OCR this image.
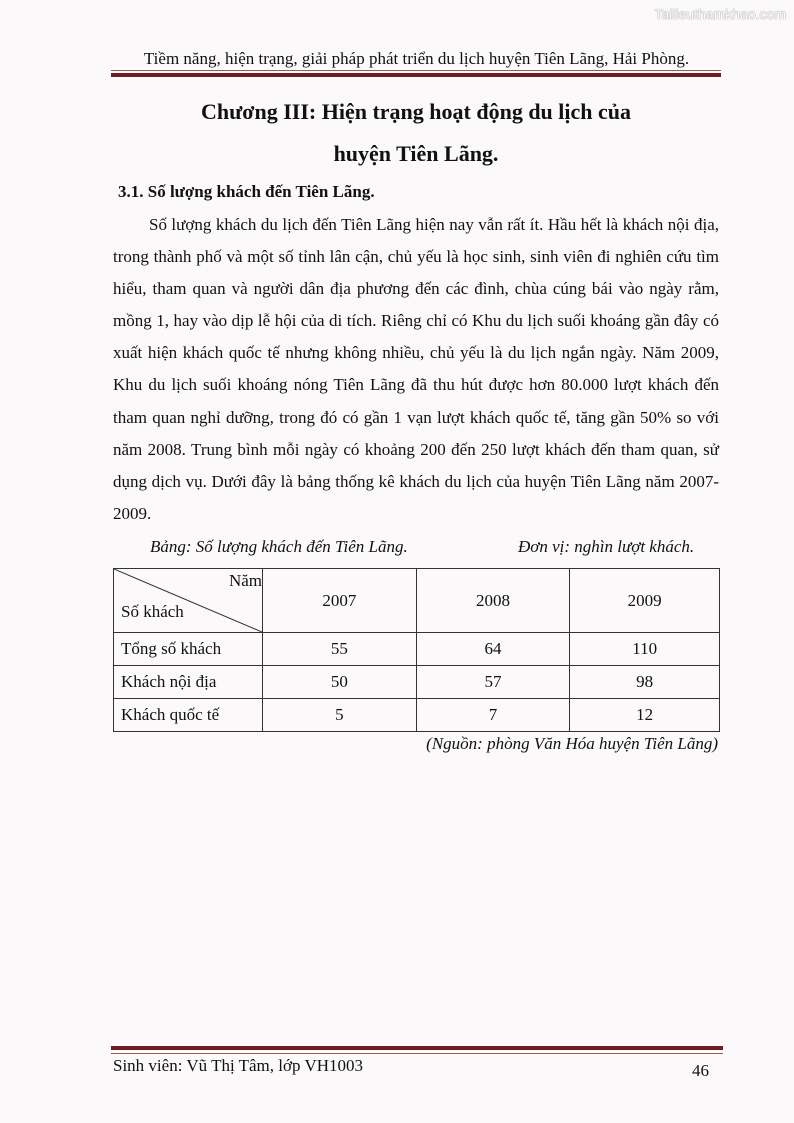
Tailieuthamkhao.com
Tiềm năng, hiện trạng, giải pháp phát triển du lịch huyện Tiên Lãng, Hải Phòng.
Chương III: Hiện trạng hoạt động du lịch của
huyện Tiên Lãng.
3.1. Số lượng khách đến Tiên Lãng.
Số lượng khách du lịch đến Tiên Lãng hiện nay vẫn rất ít. Hầu hết là khách nội địa, trong thành phố và một số tỉnh lân cận, chủ yếu là học sinh, sinh viên đi nghiên cứu tìm hiểu, tham quan và người dân địa phương đến các đình, chùa cúng bái vào ngày rằm, mồng 1, hay vào dịp lễ hội của di tích. Riêng chỉ có Khu du lịch suối khoáng gần đây có xuất hiện khách quốc tế nhưng không nhiều, chủ yếu là du lịch ngắn ngày. Năm 2009, Khu du lịch suối khoáng nóng Tiên Lãng đã thu hút được hơn 80.000 lượt khách đến tham quan nghỉ dưỡng, trong đó có gần 1 vạn lượt khách quốc tế, tăng gần 50% so với năm 2008. Trung bình mỗi ngày có khoảng 200 đến 250 lượt khách đến tham quan, sử dụng dịch vụ. Dưới đây là bảng thống kê khách du lịch của huyện Tiên Lãng năm 2007- 2009.
Bảng: Số lượng khách đến Tiên Lãng.	Đơn vị: nghìn lượt khách.
Năm
Số khách	2007	2008	2009
Tổng số khách	55	64	110
Khách nội địa	50	57	98
Khách quốc tế	5	7	12
(Nguồn: phòng Văn Hóa huyện Tiên Lãng)
Sinh viên: Vũ Thị Tâm, lớp VH1003	46
